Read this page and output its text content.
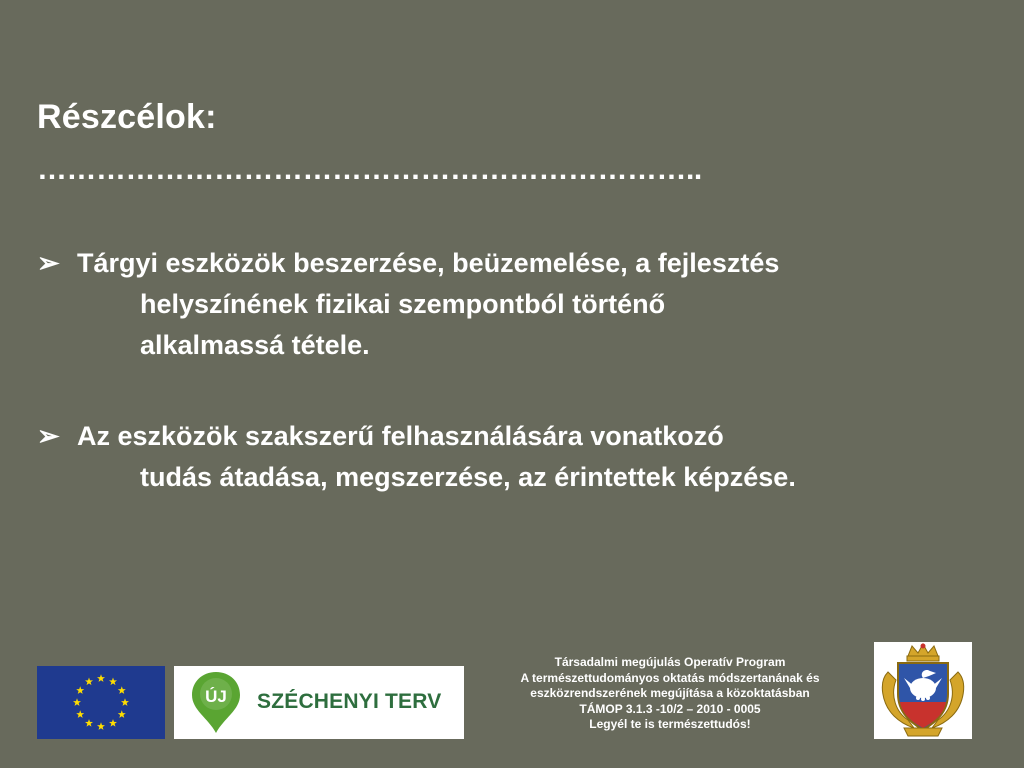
Részcélok:
…………………………………………………………..
➢ Tárgyi eszközök beszerzése, beüzemelése, a fejlesztés
helyszínének fizikai szempontból történő
alkalmassá tétele.
➢ Az eszközök szakszerű felhasználására vonatkozó
tudás átadása, megszerzése, az érintettek képzése.
ÚJ SZÉCHENYI TERV
Társadalmi megújulás Operatív Program
A természettudományos oktatás módszertanának és
eszközrendszerének megújítása a közoktatásban
TÁMOP 3.1.3 -10/2 – 2010 - 0005
Legyél te is természettudós!
